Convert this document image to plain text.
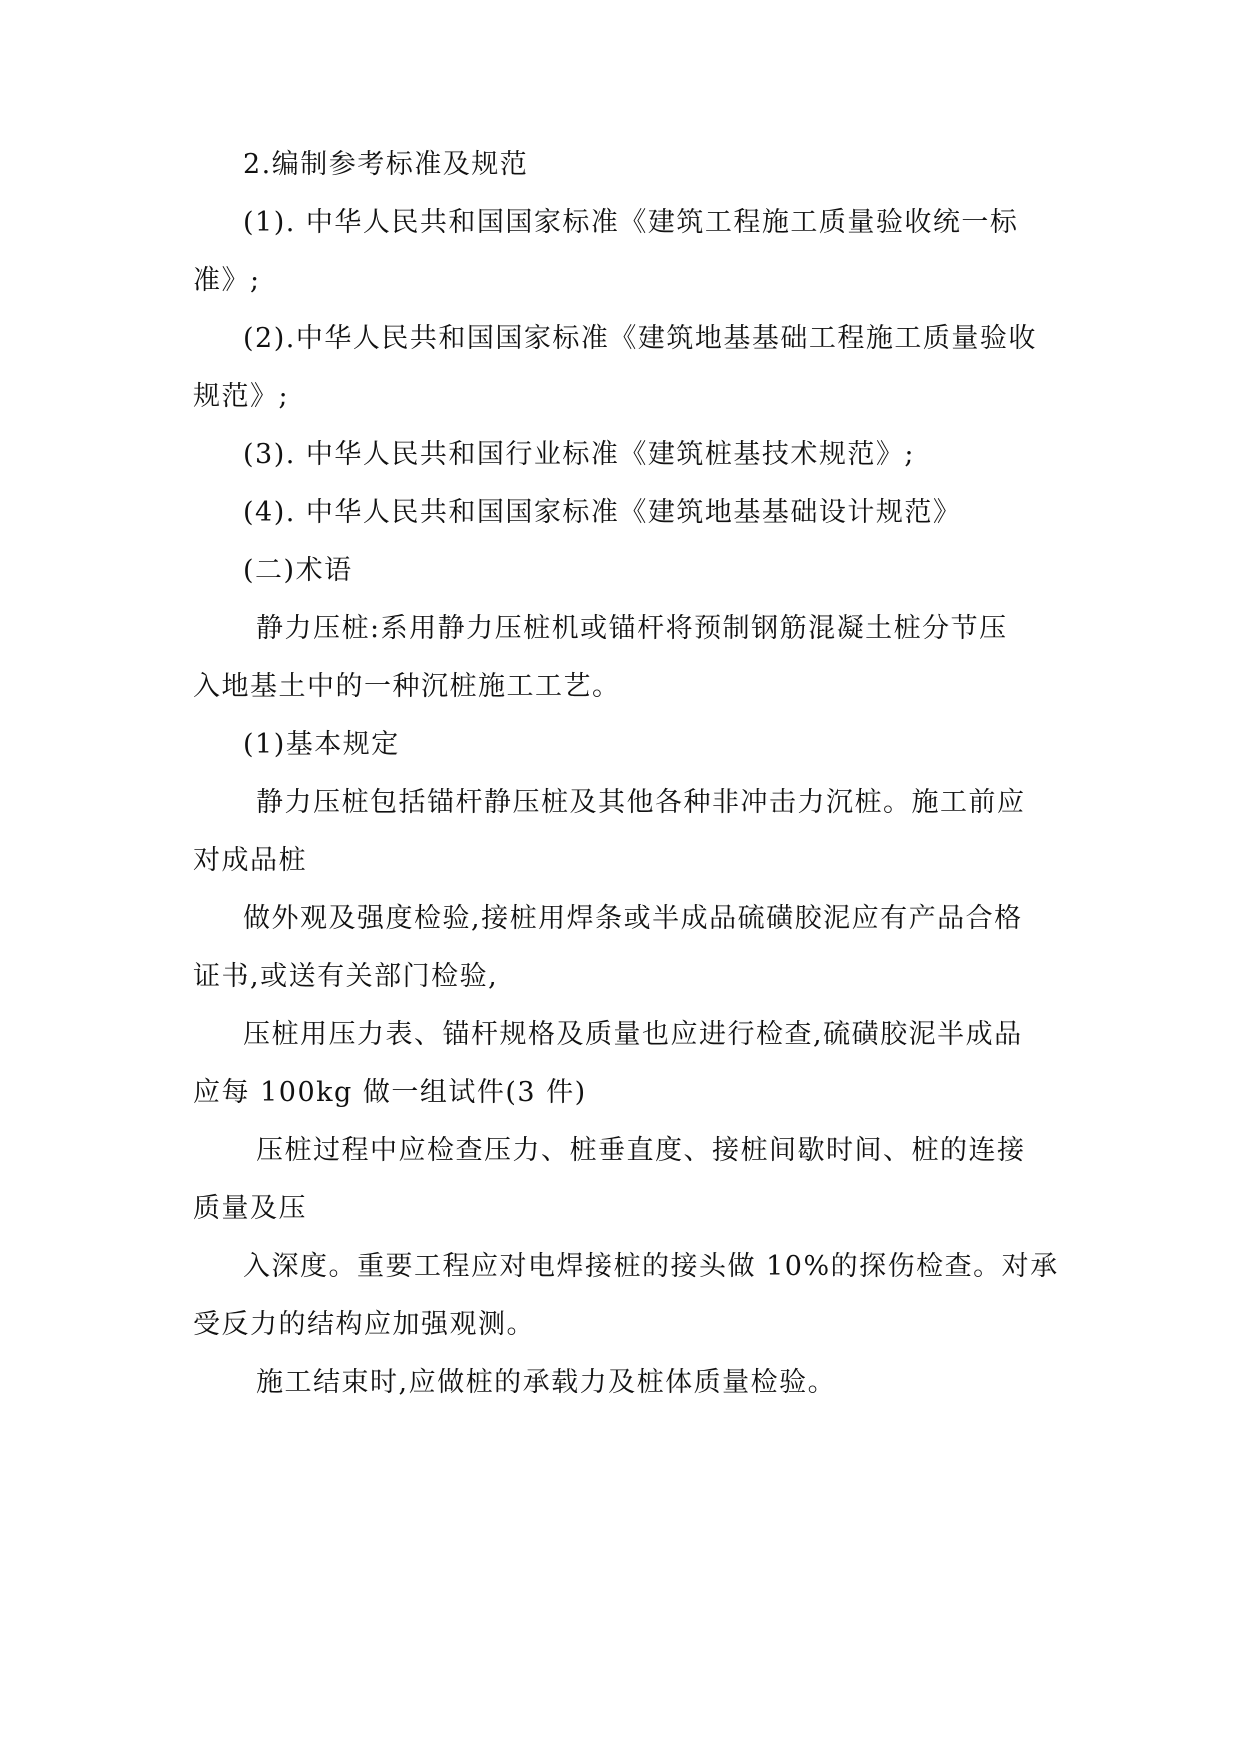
2.编制参考标准及规范
(1). 中华人民共和国国家标准《建筑工程施工质量验收统一标
准》;
(2).中华人民共和国国家标准《建筑地基基础工程施工质量验收
规范》;
(3). 中华人民共和国行业标准《建筑桩基技术规范》;
(4). 中华人民共和国国家标准《建筑地基基础设计规范》
(二)术语
静力压桩:系用静力压桩机或锚杆将预制钢筋混凝土桩分节压
入地基土中的一种沉桩施工工艺。
(1)基本规定
静力压桩包括锚杆静压桩及其他各种非冲击力沉桩。施工前应
对成品桩
做外观及强度检验,接桩用焊条或半成品硫磺胶泥应有产品合格
证书,或送有关部门检验,
压桩用压力表、锚杆规格及质量也应进行检查,硫磺胶泥半成品
应每 100kg 做一组试件(3 件)
压桩过程中应检查压力、桩垂直度、接桩间歇时间、桩的连接
质量及压
入深度。重要工程应对电焊接桩的接头做 10%的探伤检查。对承
受反力的结构应加强观测。
施工结束时,应做桩的承载力及桩体质量检验。
